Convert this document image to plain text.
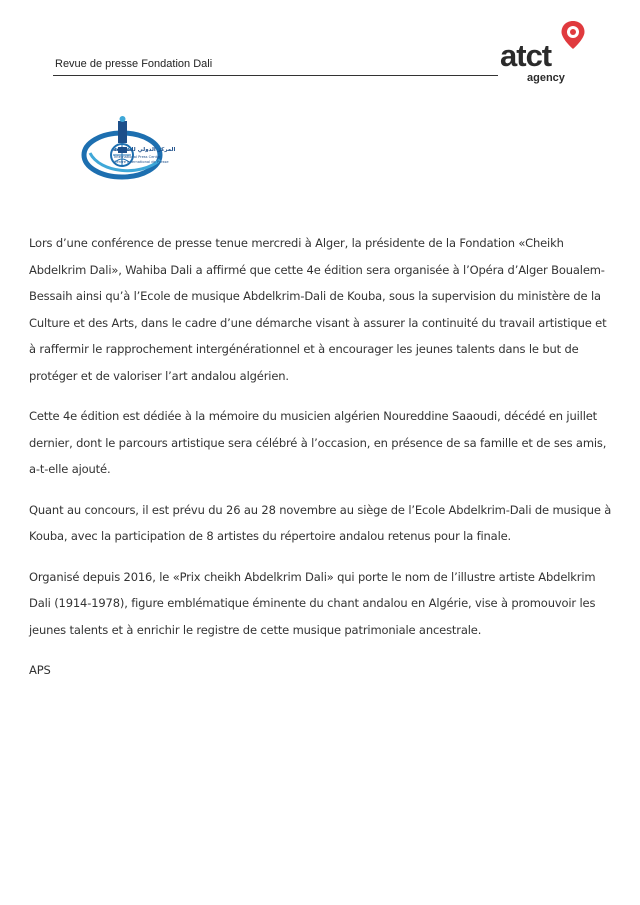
Revue de presse Fondation Dali	atct
agency
المركز الدولي للصحافة
International Press Center
Centre International de Presse

Lors d’une conférence de presse tenue mercredi à Alger, la présidente de la Fondation «Cheikh Abdelkrim Dali», Wahiba Dali a affirmé que cette 4e édition sera organisée à l’Opéra d’Alger Boualem-Bessaih ainsi qu’à l’Ecole de musique Abdelkrim-Dali de Kouba, sous la supervision du ministère de la Culture et des Arts, dans le cadre d’une démarche visant à assurer la continuité du travail artistique et à raffermir le rapprochement intergénérationnel et à encourager les jeunes talents dans le but de protéger et de valoriser l’art andalou algérien.

Cette 4e édition est dédiée à la mémoire du musicien algérien Noureddine Saaoudi, décédé en juillet dernier, dont le parcours artistique sera célébré à l’occasion, en présence de sa famille et de ses amis, a-t-elle ajouté.

Quant au concours, il est prévu du 26 au 28 novembre au siège de l’Ecole Abdelkrim-Dali de musique à Kouba, avec la participation de 8 artistes du répertoire andalou retenus pour la finale.

Organisé depuis 2016, le «Prix cheikh Abdelkrim Dali» qui porte le nom de l’illustre artiste Abdelkrim Dali (1914-1978), figure emblématique éminente du chant andalou en Algérie, vise à promouvoir les jeunes talents et à enrichir le registre de cette musique patrimoniale ancestrale.

APS
